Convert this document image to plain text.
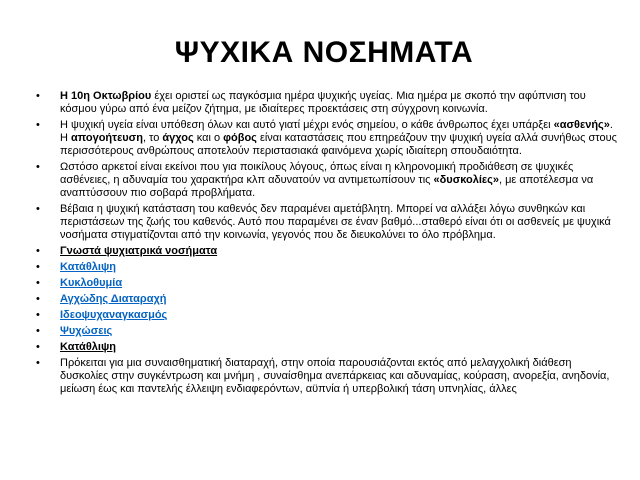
ΨΥΧΙΚΑ ΝΟΣΗΜΑΤΑ
• Η 10η Οκτωβρίου έχει οριστεί ως παγκόσμια ημέρα ψυχικής υγείας. Μια ημέρα με σκοπό την αφύπνιση του κόσμου γύρω από ένα μείζον ζήτημα, με ιδιαίτερες προεκτάσεις στη σύγχρονη κοινωνία.
• Η ψυχική υγεία είναι υπόθεση όλων και αυτό γιατί μέχρι ενός σημείου, ο κάθε άνθρωπος έχει υπάρξει «ασθενής». Η απογοήτευση, το άγχος και ο φόβος είναι καταστάσεις που επηρεάζουν την ψυχική υγεία αλλά συνήθως στους περισσότερους ανθρώπους αποτελούν περιστασιακά φαινόμενα χωρίς ιδιαίτερη σπουδαιότητα.
• Ωστόσο αρκετοί είναι εκείνοι που για ποικίλους λόγους, όπως είναι η κληρονομική προδιάθεση σε ψυχικές ασθένειες, η αδυναμία του χαρακτήρα κλπ αδυνατούν να αντιμετωπίσουν τις «δυσκολίες», με αποτέλεσμα να αναπτύσσουν πιο σοβαρά προβλήματα.
• Βέβαια η ψυχική κατάσταση του καθενός δεν παραμένει αμετάβλητη. Μπορεί να αλλάξει λόγω συνθηκών και περιστάσεων της ζωής του καθενός. Αυτό που παραμένει σε έναν βαθμό...σταθερό είναι ότι οι ασθενείς με ψυχικά νοσήματα στιγματίζονται από την κοινωνία, γεγονός που δε διευκολύνει το όλο πρόβλημα.
• Γνωστά ψυχιατρικά νοσήματα
• Κατάθλιψη
• Κυκλοθυμία
• Αγχώδης Διαταραχή
• Ιδεοψυχαναγκασμός
• Ψυχώσεις
• Κατάθλιψη
• Πρόκειται για μια συναισθηματική διαταραχή, στην οποία παρουσιάζονται εκτός από μελαγχολική διάθεση δυσκολίες στην συγκέντρωση και μνήμη , συναίσθημα ανεπάρκειας και αδυναμίας, κούραση, ανορεξία, ανηδονία, μείωση έως και παντελής έλλειψη ενδιαφερόντων, αϋπνία ή υπερβολική τάση υπνηλίας, άλλες
